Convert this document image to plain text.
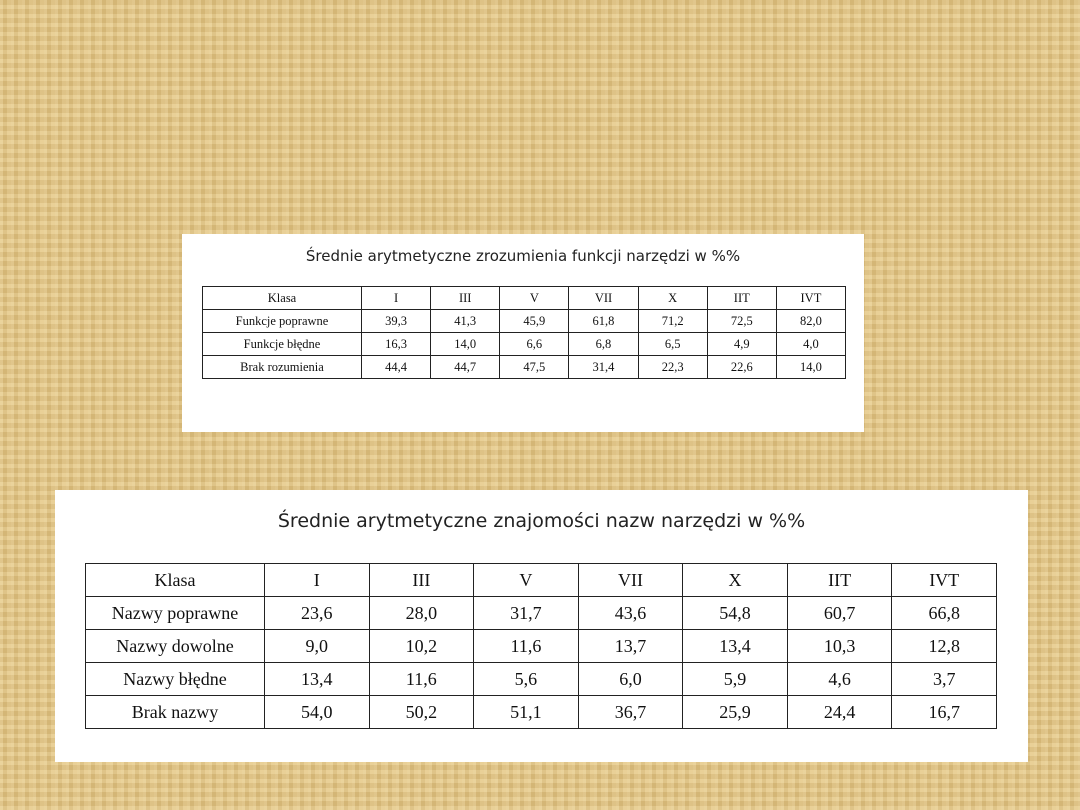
Średnie arytmetyczne zrozumienia funkcji narzędzi w %%
Klasa	I	III	V	VII	X	IIT	IVT
Funkcje poprawne	39,3	41,3	45,9	61,8	71,2	72,5	82,0
Funkcje błędne	16,3	14,0	6,6	6,8	6,5	4,9	4,0
Brak rozumienia	44,4	44,7	47,5	31,4	22,3	22,6	14,0
Średnie arytmetyczne znajomości nazw narzędzi w %%
Klasa	I	III	V	VII	X	IIT	IVT
Nazwy poprawne	23,6	28,0	31,7	43,6	54,8	60,7	66,8
Nazwy dowolne	9,0	10,2	11,6	13,7	13,4	10,3	12,8
Nazwy błędne	13,4	11,6	5,6	6,0	5,9	4,6	3,7
Brak nazwy	54,0	50,2	51,1	36,7	25,9	24,4	16,7
